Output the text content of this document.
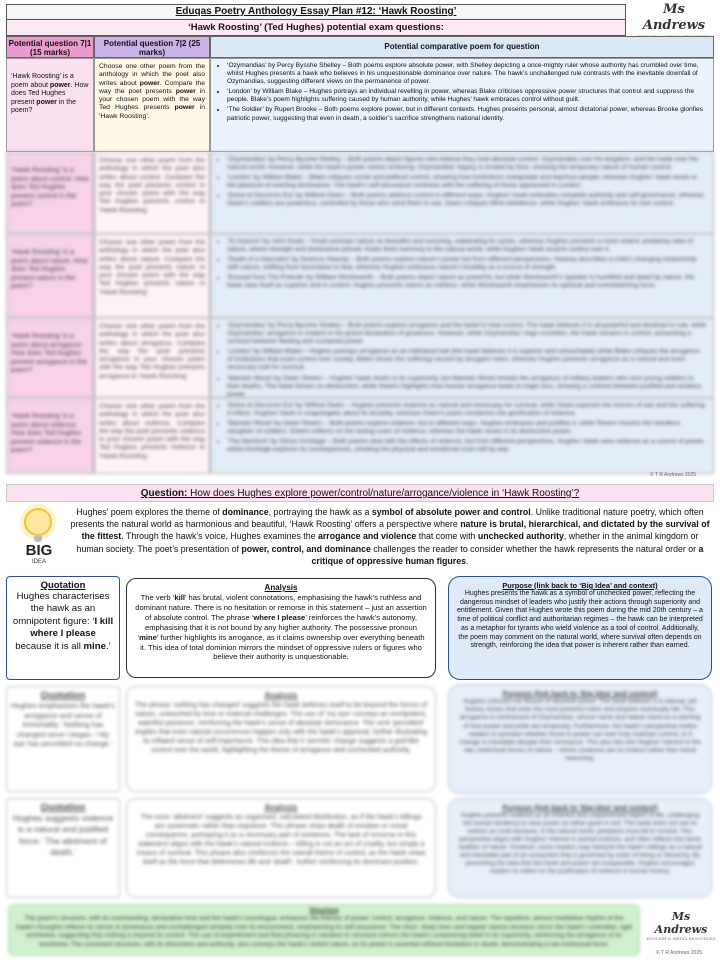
Eduqas Poetry Anthology Essay Plan #12: ‘Hawk Roosting’	Ms Andrews
‘Hawk Roosting’ (Ted Hughes) potential exam questions:
Potential question 7|1 (15 marks)
Potential question 7|2 (25 marks)
Potential comparative poem for question
‘Hawk Roosting’ is a poem about power. How does Ted Hughes present power in the poem?
Choose one other poem from the anthology in which the poet also writes about power. Compare the way the poet presents power in your chosen poem with the way Ted Hughes presents power in ‘Hawk Roosting’.
• ‘Ozymandias’ by Percy Bysshe Shelley – Both poems explore absolute power, with Shelley depicting a once-mighty ruler whose authority has crumbled over time, whilst Hughes presents a hawk who believes in his unquestionable dominance over nature. The hawk’s unchallenged rule contrasts with the inevitable downfall of Ozymandias, suggesting different views on the permanence of power.
• ‘London’ by William Blake – Hughes portrays an individual revelling in power, whereas Blake criticises oppressive power structures that control and suppress the people. Blake’s poem highlights suffering caused by human authority, while Hughes’ hawk embraces control without guilt.
• ‘The Soldier’ by Rupert Brooke – Both poems explore power, but in different contexts. Hughes presents personal, almost dictatorial power, whereas Brooke glorifies patriotic power, suggesting that even in death, a soldier’s sacrifice strengthens national identity.
‘Hawk Roosting’ is a poem about control. How does Ted Hughes present control in the poem?
Choose one other poem from the anthology in which the poet also writes about control. Compare the way the poet presents control in your chosen poem with the way Ted Hughes presents control in ‘Hawk Roosting’.
• ‘Ozymandias’ by Percy Bysshe Shelley – Both poems depict figures who believe they hold absolute control. Ozymandias over his kingdom, and the hawk over the natural world. However, while the hawk’s power seems enduring, Ozymandias’ legacy is eroded by time, showing the temporary nature of human control.
• ‘London’ by William Blake – Blake critiques social and political control, showing how institutions manipulate and imprison people, whereas Hughes’ hawk revels in the pleasure of exerting dominance. The hawk’s self-assurance contrasts with the suffering of those oppressed in London.
• ‘Dulce et Decorum Est’ by Wilfred Owen – Both poems address control in different ways. Hughes’ hawk embodies complete authority and self-governance, whereas Owen’s soldiers are powerless, controlled by those who send them to war. Owen critiques blind obedience, while Hughes’ hawk embraces its own control.
‘Hawk Roosting’ is a poem about nature. How does Ted Hughes present nature in the poem?
Choose one other poem from the anthology in which the poet also writes about nature. Compare the way the poet presents nature in your chosen poem with the way Ted Hughes presents nature in ‘Hawk Roosting’.
• ‘To Autumn’ by John Keats – Keats portrays nature as beautiful and nurturing, celebrating its cycles, whereas Hughes presents a more violent, predatory view of nature, where strength and dominance prevail. Keats finds harmony in the natural world, while Hughes’ hawk asserts control over it.
• ‘Death of a Naturalist’ by Seamus Heaney – Both poems explore nature’s power but from different perspectives. Heaney describes a child’s changing relationship with nature, shifting from fascination to fear, whereas Hughes embraces nature’s brutality as a source of strength.
• ‘Excerpt from The Prelude’ by William Wordsworth – Both poems depict nature as powerful, but while Wordsworth’s speaker is humbled and awed by nature, the hawk sees itself as superior and in control. Hughes presents nature as ruthless, while Wordsworth emphasises its spiritual and overwhelming force.
‘Hawk Roosting’ is a poem about arrogance. How does Ted Hughes present arrogance in the poem?
Choose one other poem from the anthology in which the poet also writes about arrogance. Compare the way the poet presents arrogance in your chosen poem with the way Ted Hughes presents arrogance in ‘Hawk Roosting’.
• ‘Ozymandias’ by Percy Bysshe Shelley – Both poems explore arrogance and the belief in total control. The hawk believes it is all-powerful and destined to rule, while Ozymandias’ arrogance is evident in his grand declaration of greatness. However, while Ozymandias’ reign crumbles, the hawk remains in control, presenting a contrast between fleeting and sustained power.
• ‘London’ by William Blake – Hughes portrays arrogance as an individual trait (the hawk believes it is superior and untouchable) while Blake critiques the arrogance of institutions that exert control over society. Blake shows the suffering caused by arrogant rulers, whereas Hughes presents arrogance as a natural and even necessary trait for survival.
• ‘Mametz Wood’ by Owen Sheers – Hughes’ hawk revels in its superiority, but Mametz Wood reveals the arrogance of military leaders who sent young soldiers to their deaths. The hawk thrives on destruction, while Sheers highlights how human arrogance leads to tragic loss, showing a contrast between justified and reckless power.
‘Hawk Roosting’ is a poem about violence. How does Ted Hughes present violence in the poem?
Choose one other poem from the anthology in which the poet also writes about violence. Compare the way the poet presents violence in your chosen poem with the way Ted Hughes presents violence in ‘Hawk Roosting’.
• ‘Dulce et Decorum Est’ by Wilfred Owen – Hughes presents violence as natural and necessary for survival, while Owen exposes the horrors of war and the suffering it inflicts. Hughes’ hawk is unapologetic about its brutality, whereas Owen’s poem condemns the glorification of violence.
• ‘Mametz Wood’ by Owen Sheers – Both poems explore violence, but in different ways. Hughes embraces and justifies it, while Sheers mourns the needless slaughter of soldiers. Sheers reflects on the lasting scars of violence, whereas the hawk revels in its destructive power.
• ‘The Manhunt’ by Simon Armitage – Both poems deal with the effects of violence, but from different perspectives. Hughes’ hawk sees violence as a source of power, whilst Armitage explores its consequences, showing the physical and emotional scars left by war.
© T R Andrews 2025
Question: How does Hughes explore power/control/nature/arrogance/violence in ‘Hawk Roosting’?
BIG
IDEA
Hughes’ poem explores the theme of dominance, portraying the hawk as a symbol of absolute power and control. Unlike traditional nature poetry, which often presents the natural world as harmonious and beautiful, ‘Hawk Roosting’ offers a perspective where nature is brutal, hierarchical, and dictated by the survival of the fittest. Through the hawk’s voice, Hughes examines the arrogance and violence that come with unchecked authority, whether in the animal kingdom or human society. The poet’s presentation of power, control, and dominance challenges the reader to consider whether the hawk represents the natural order or a critique of oppressive human figures.
Quotation
Hughes characterises the hawk as an omnipotent figure: ‘I kill where I please because it is all mine.’
Analysis
The verb ‘kill’ has brutal, violent connotations, emphasising the hawk’s ruthless and dominant nature. There is no hesitation or remorse in this statement – just an assertion of absolute control. The phrase ‘where I please’ reinforces the hawk’s autonomy, emphasising that it is not bound by any higher authority. The possessive pronoun ‘mine’ further highlights its arrogance, as it claims ownership over everything beneath it. This idea of total dominion mirrors the mindset of oppressive rulers or figures who believe their authority is unquestionable.
Purpose (link back to ‘Big Idea’ and context)
Hughes presents the hawk as a symbol of unchecked power, reflecting the dangerous mindset of leaders who justify their actions through superiority and entitlement. Given that Hughes wrote this poem during the mid 20th century – a time of political conflict and authoritarian regimes – the hawk can be interpreted as a metaphor for tyrants who wield violence as a tool of control. Additionally, the poem may comment on the natural world, where survival often depends on strength, reinforcing the idea that power is inherent rather than earned.
Quotation
Hughes emphasises the hawk’s arrogance and sense of immortality: ‘Nothing has changed since I began. / My eye has permitted no change.’
Analysis
The phrase ‘nothing has changed’ suggests the hawk believes itself to be beyond the forces of nature, untouched by time or external challenges. The use of ‘my eye’ conveys an omnipotent, watchful presence, reinforcing the hawk’s sense of absolute dominance. The verb ‘permitted’ implies that even natural occurrences happen only with the hawk’s approval, further illustrating its inflated sense of self-importance. This idea that it ‘permits’ change suggests a god-like control over the world, highlighting the theme of arrogance and unchecked authority.
Purpose (link back to ‘Big Idea’ and context)
Hughes criticises the illusion of absolute power. The hawk believes it is eternal, yet history shows that even the most powerful rulers and empires eventually fall. This arrogance is reminiscent of Ozymandias, whose name and statue stand as a warning of how power and pride are temporary. Furthermore, the hawk’s perspective invites readers to question whether those in power can ever truly maintain control, or if change is inevitable despite their resistance. This also ties into Hughes’ interest in the raw, instinctual forces of nature – where creatures act on instinct rather than moral reasoning.
Quotation
Hughes suggests violence is a natural and justified force: ‘The allotment of death.’
Analysis
The noun ‘allotment’ suggests an organised, calculated distribution, as if the hawk’s killings are systematic rather than impulsive. This phrase strips death of emotion or moral consequence, portraying it as a necessary part of existence. The lack of remorse in this statement aligns with the hawk’s natural instincts – killing is not an act of cruelty, but simply a means of survival. This phrase also reinforces the overall theme of control, as the hawk views itself as the force that determines life and ‘death’, further reinforcing its dominant position.
Purpose (link back to ‘Big Idea’ and context)
Hughes presents violence as an inherent and unquestioned aspect of life, challenging the human tendency to view power as either good or evil. The hawk does not see its actions as cruel because, in the natural world, predators must kill to survive. This perspective aligns with Hughes’ interest in animal instincts, and often reflects the harsh realities of nature. However, some readers may interpret the hawk’s killings as a natural and inevitable part of an ecosystem that is governed by order of being or hierarchy. By presenting the idea that the hawk and power are inseparable, Hughes encourages readers to reflect on the justification of violence in human history.
Structure
The poem’s structure, with its commanding, declarative tone and the hawk’s monologue, enhances the themes of power, control, arrogance, violence, and nature. The repetitive, almost meditative rhythm of the hawk’s thoughts reflects its sense of dominance and unchallenged certainty over its environment, emphasising its self-assurance. The short, sharp lines and regular stanza structure mirror the hawk’s controlled, rigid worldview, suggesting that nothing is beyond its control. The use of enjambment and fluid phrasing in variation to structure mirrors the hawk’s unwavering belief in its superiority, reinforcing the arrogance of its worldview. The consistent structure, with its directness and authority, also conveys the hawk’s violent nature, as its power is asserted without hesitation or doubt, demonstrating a raw instinctual force.
Ms Andrews
ENGLISH & MEDIA RESOURCES
© T R Andrews 2025
